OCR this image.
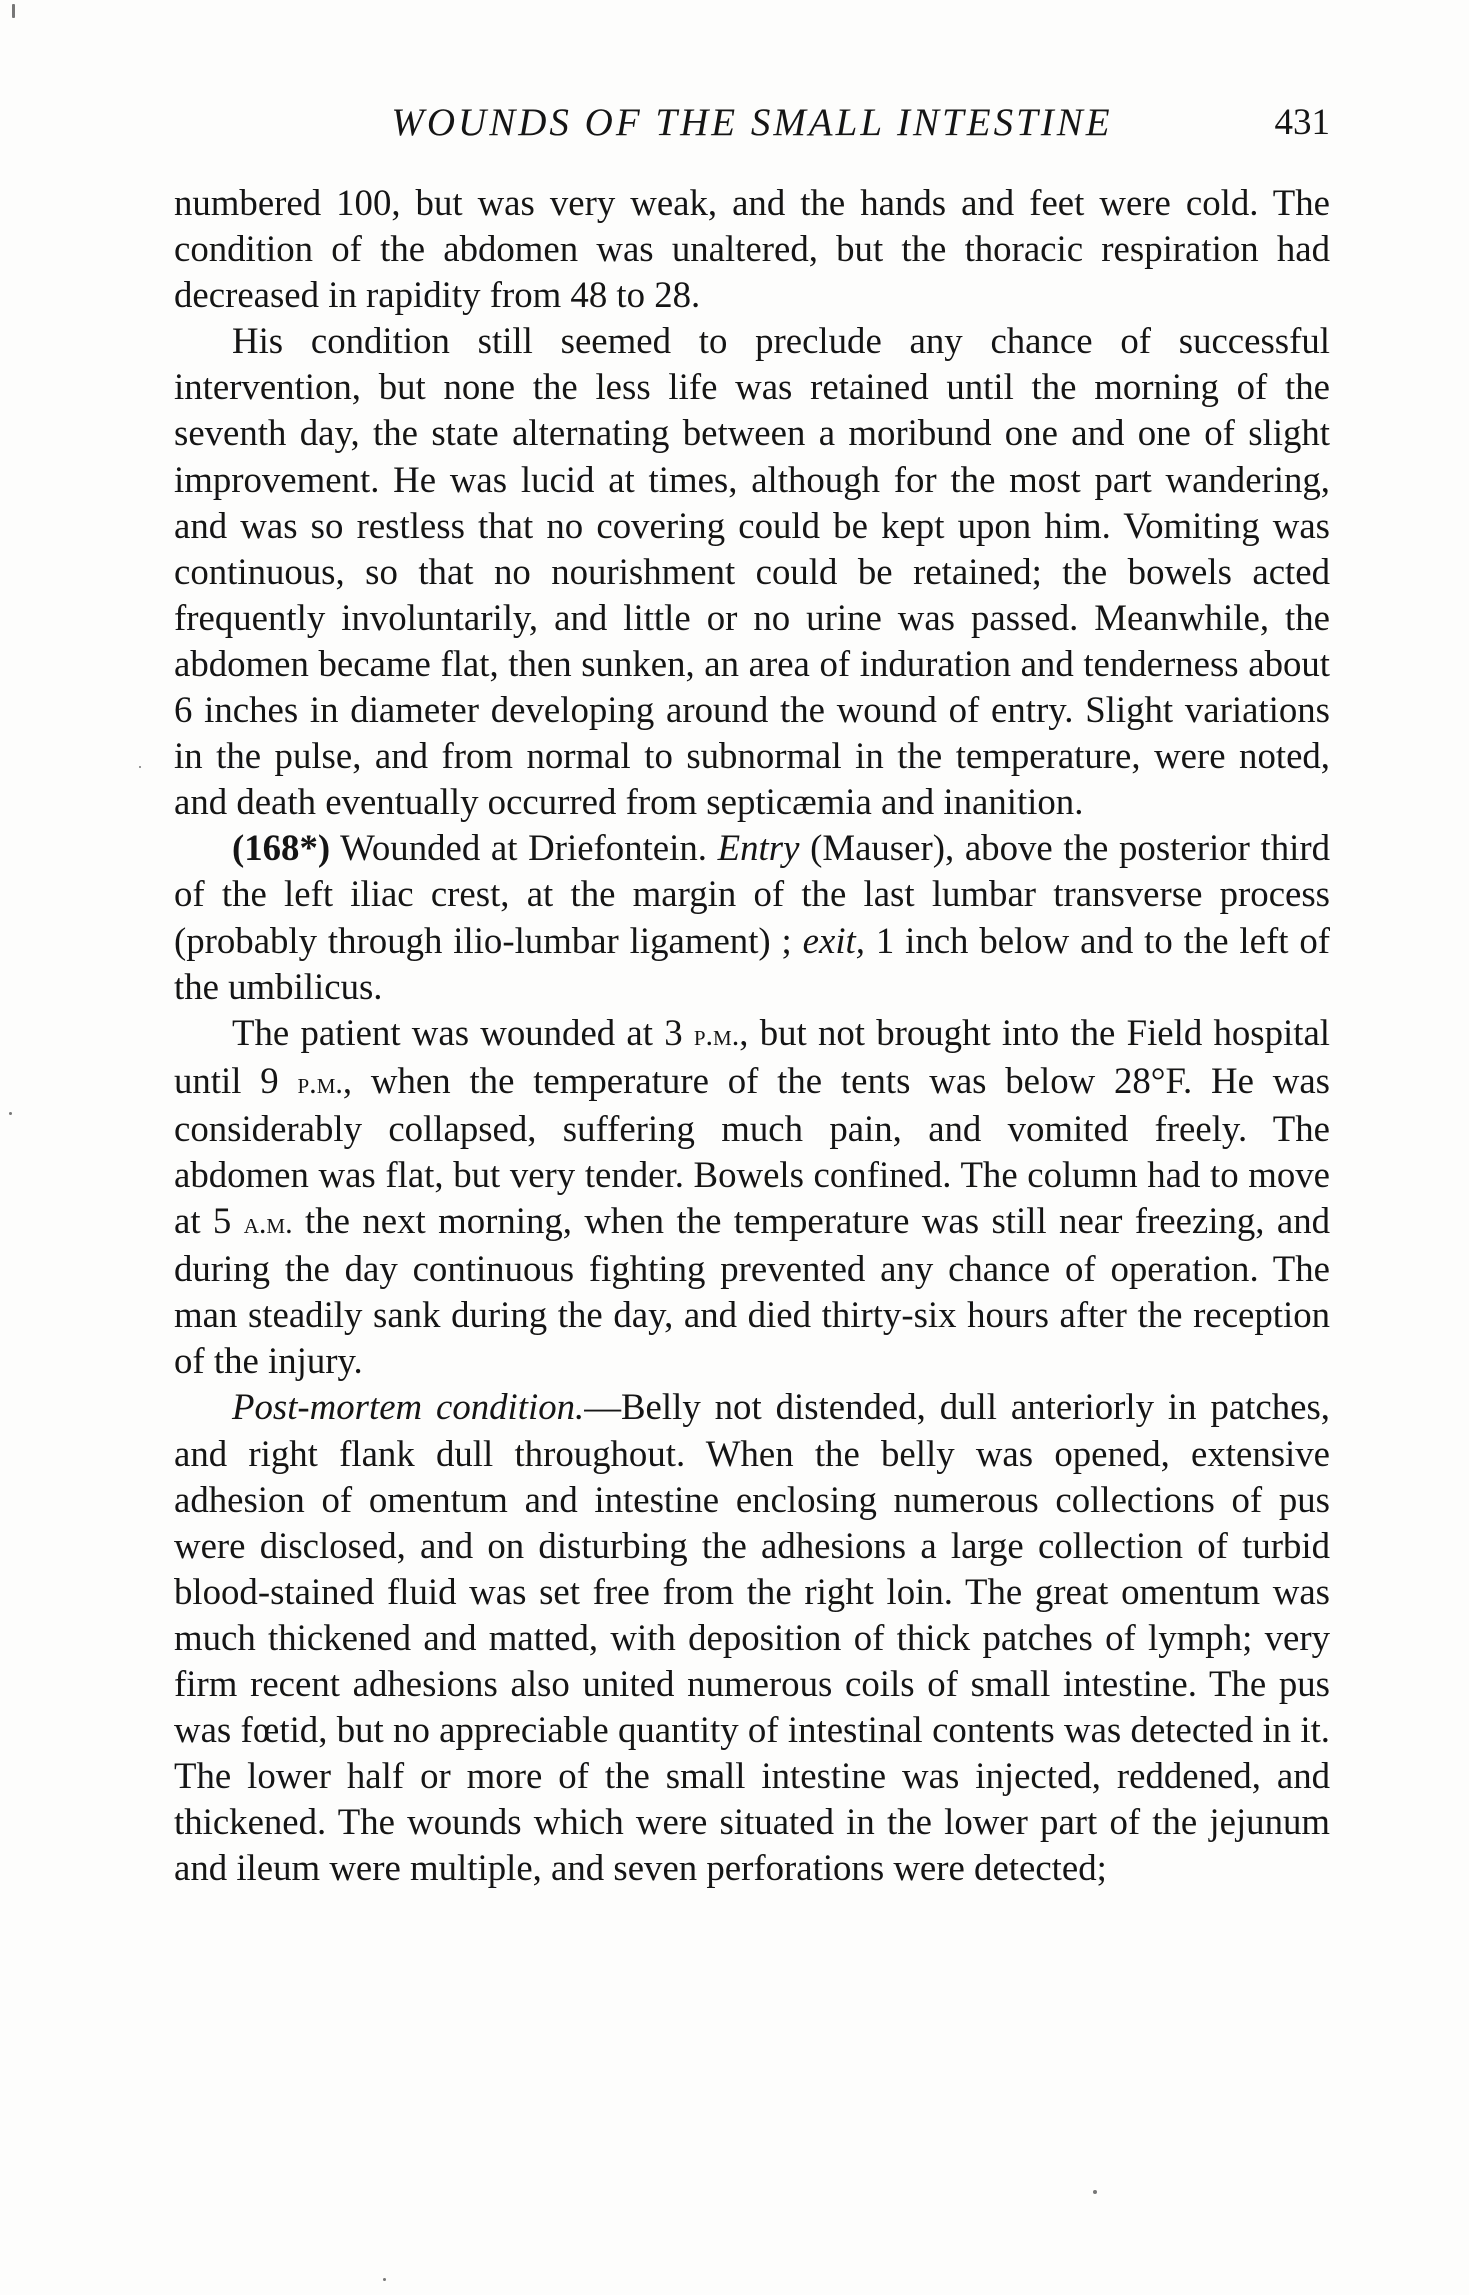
WOUNDS OF THE SMALL INTESTINE	431

numbered 100, but was very weak, and the hands and feet were cold. The condition of the abdomen was unaltered, but the thoracic respiration had decreased in rapidity from 48 to 28.

His condition still seemed to preclude any chance of successful intervention, but none the less life was retained until the morning of the seventh day, the state alternating between a moribund one and one of slight improvement. He was lucid at times, although for the most part wandering, and was so restless that no covering could be kept upon him. Vomiting was continuous, so that no nourishment could be retained; the bowels acted frequently involuntarily, and little or no urine was passed. Meanwhile, the abdomen became flat, then sunken, an area of induration and tenderness about 6 inches in diameter developing around the wound of entry. Slight variations in the pulse, and from normal to subnormal in the temperature, were noted, and death eventually occurred from septicæmia and inanition.

(168*) Wounded at Driefontein. Entry (Mauser), above the posterior third of the left iliac crest, at the margin of the last lumbar transverse process (probably through ilio-lumbar ligament) ; exit, 1 inch below and to the left of the umbilicus.

The patient was wounded at 3 p.m., but not brought into the Field hospital until 9 p.m., when the temperature of the tents was below 28°F. He was considerably collapsed, suffering much pain, and vomited freely. The abdomen was flat, but very tender. Bowels confined. The column had to move at 5 a.m. the next morning, when the temperature was still near freezing, and during the day continuous fighting prevented any chance of operation. The man steadily sank during the day, and died thirty-six hours after the reception of the injury.

Post-mortem condition.—Belly not distended, dull anteriorly in patches, and right flank dull throughout. When the belly was opened, extensive adhesion of omentum and intestine enclosing numerous collections of pus were disclosed, and on disturbing the adhesions a large collection of turbid blood-stained fluid was set free from the right loin. The great omentum was much thickened and matted, with deposition of thick patches of lymph; very firm recent adhesions also united numerous coils of small intestine. The pus was fœtid, but no appreciable quantity of intestinal contents was detected in it. The lower half or more of the small intestine was injected, reddened, and thickened. The wounds which were situated in the lower part of the jejunum and ileum were multiple, and seven perforations were detected;
